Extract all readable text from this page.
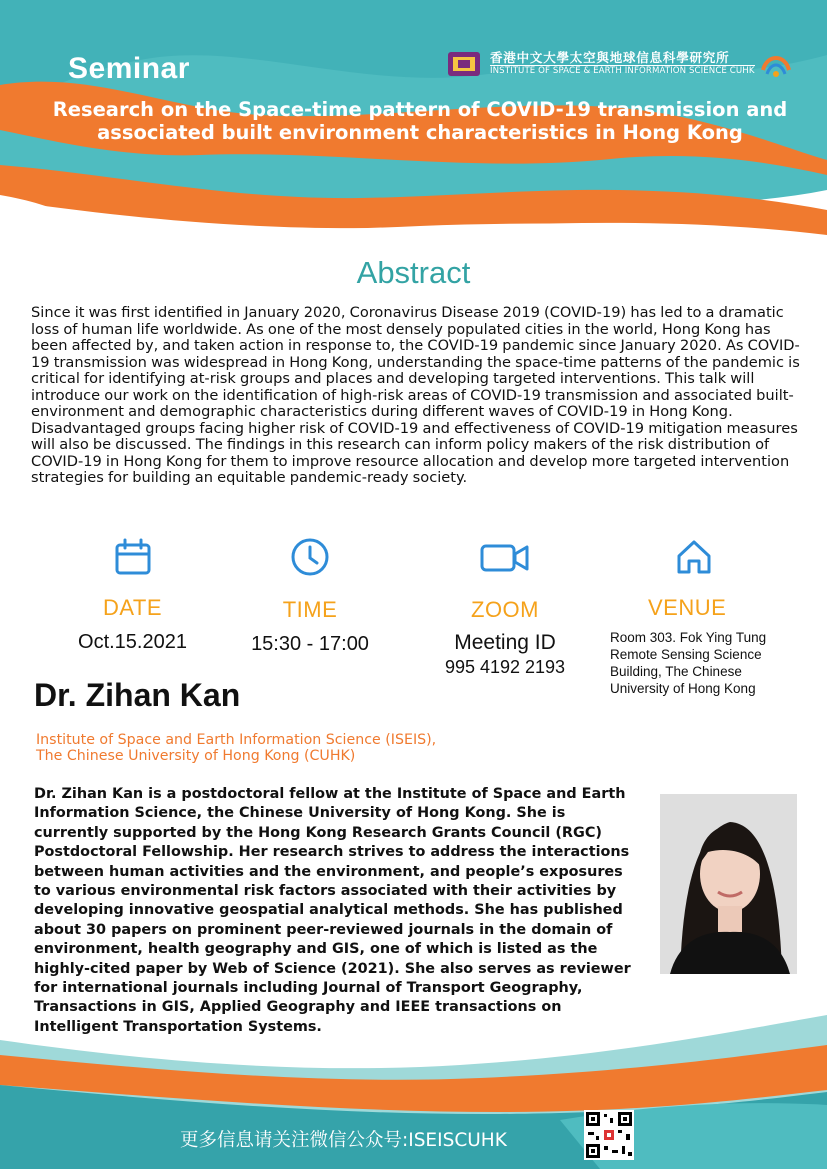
Seminar	香港中文大學太空與地球信息科學研究所
INSTITUTE OF SPACE & EARTH INFORMATION SCIENCE CUHK
Research on the Space-time pattern of COVID-19 transmission and associated built environment characteristics in Hong Kong
Abstract
Since it was first identified in January 2020, Coronavirus Disease 2019 (COVID-19) has led to a dramatic loss of human life worldwide. As one of the most densely populated cities in the world, Hong Kong has been affected by, and taken action in response to, the COVID-19 pandemic since January 2020. As COVID-19 transmission was widespread in Hong Kong, understanding the space-time patterns of the pandemic is critical for identifying at-risk groups and places and developing targeted interventions. This talk will introduce our work on the identification of high-risk areas of COVID-19 transmission and associated built-environment and demographic characteristics during different waves of COVID-19 in Hong Kong. Disadvantaged groups facing higher risk of COVID-19 and effectiveness of COVID-19 mitigation measures will also be discussed. The findings in this research can inform policy makers of the risk distribution of COVID-19 in Hong Kong for them to improve resource allocation and develop more targeted intervention strategies for building an equitable pandemic-ready society.
DATE
Oct.15.2021
TIME
15:30 - 17:00
ZOOM
Meeting ID
995 4192 2193
VENUE
Room 303. Fok Ying Tung
Remote Sensing Science
Building, The Chinese
University of Hong Kong
Dr. Zihan Kan
Institute of Space and Earth Information Science (ISEIS),
The Chinese University of Hong Kong (CUHK)
Dr. Zihan Kan is a postdoctoral fellow at the Institute of Space and Earth Information Science, the Chinese University of Hong Kong. She is currently supported by the Hong Kong Research Grants Council (RGC) Postdoctoral Fellowship. Her research strives to address the interactions between human activities and the environment, and people’s exposures to various environmental risk factors associated with their activities by developing innovative geospatial analytical methods. She has published about 30 papers on prominent peer-reviewed journals in the domain of environment, health geography and GIS, one of which is listed as the highly-cited paper by Web of Science (2021). She also serves as reviewer for international journals including Journal of Transport Geography, Transactions in GIS, Applied Geography and IEEE transactions on Intelligent Transportation Systems.
更多信息请关注微信公众号:ISEISCUHK
